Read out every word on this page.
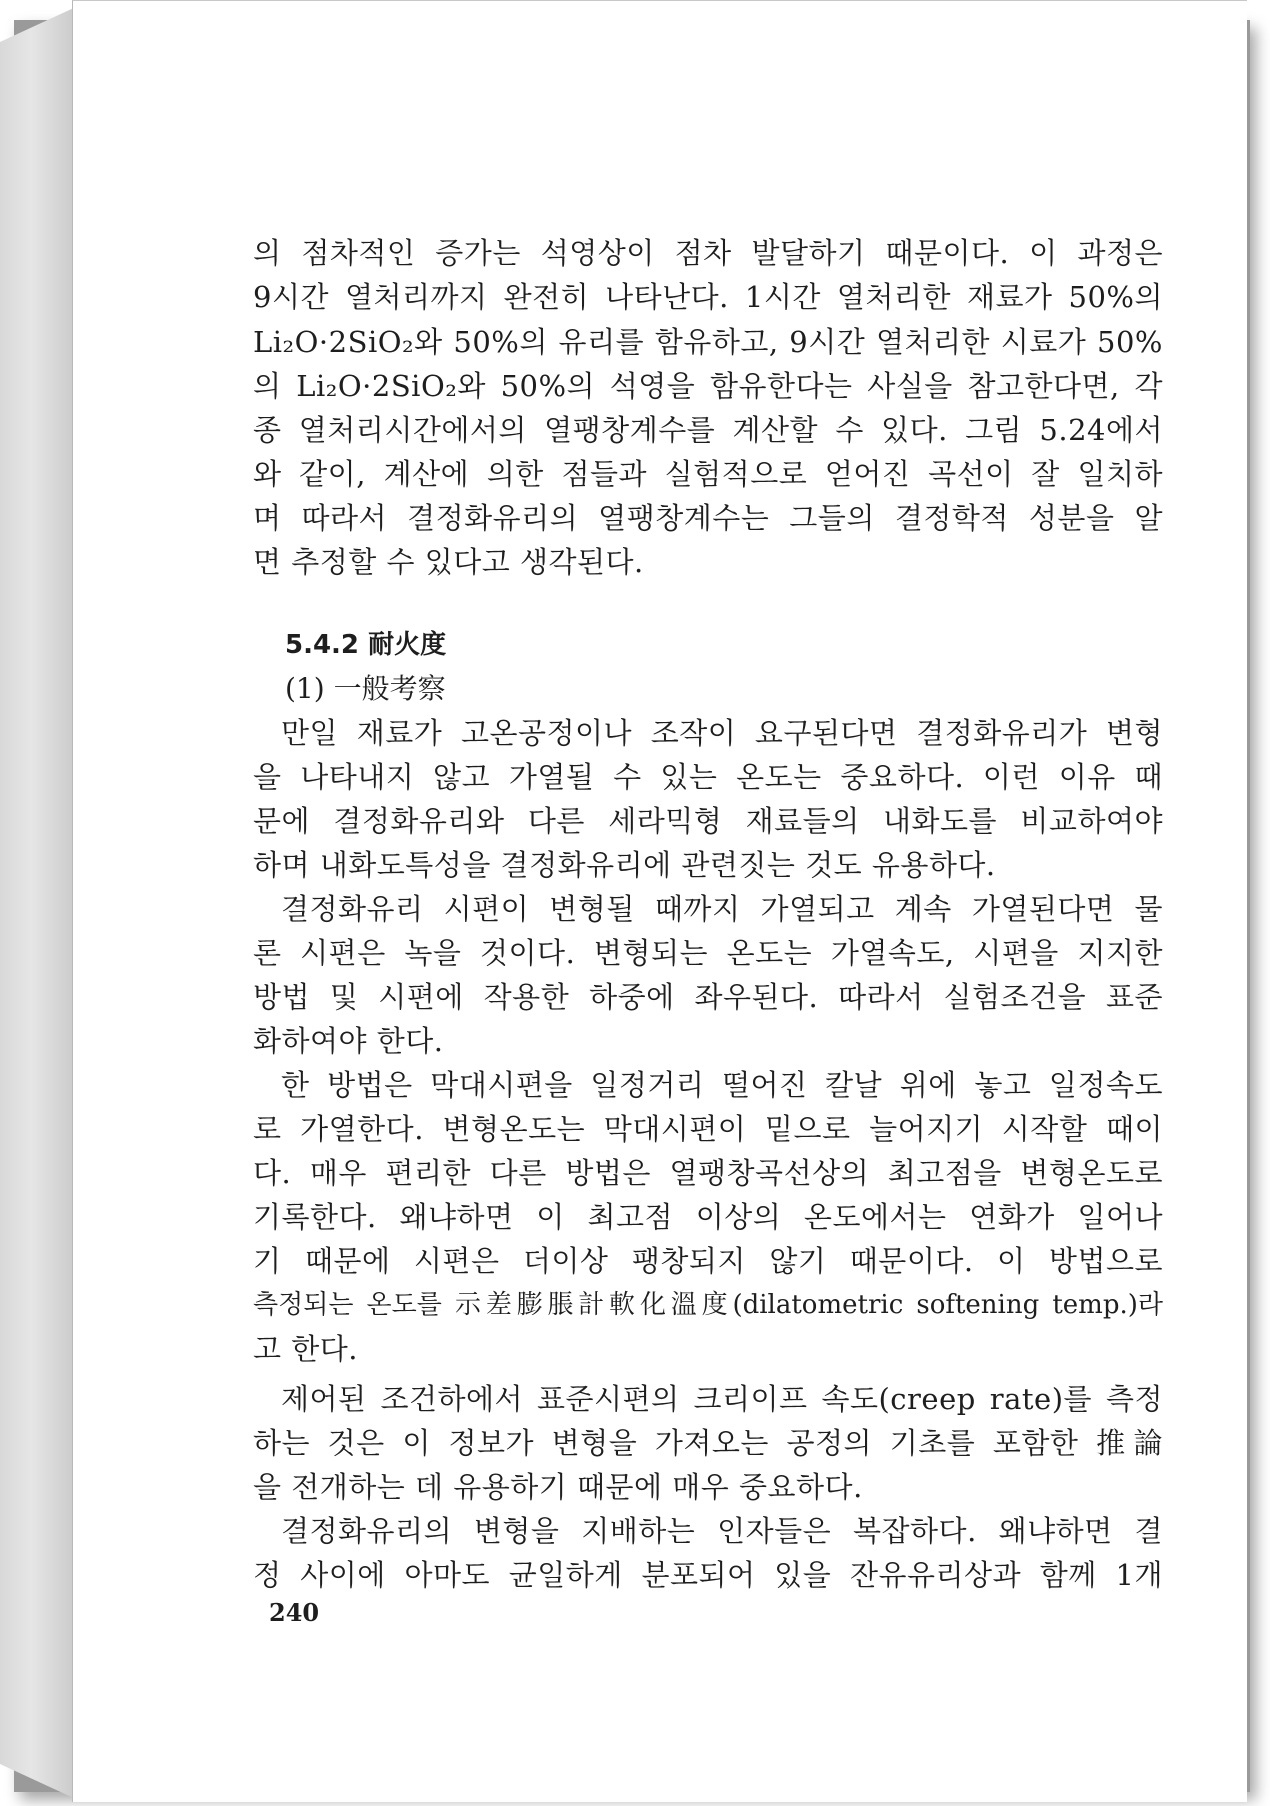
의 점차적인 증가는 석영상이 점차 발달하기 때문이다. 이 과정은
9시간 열처리까지 완전히 나타난다. 1시간 열처리한 재료가 50%의
Li₂O·2SiO₂와 50%의 유리를 함유하고, 9시간 열처리한 시료가 50%
의 Li₂O·2SiO₂와 50%의 석영을 함유한다는 사실을 참고한다면, 각
종 열처리시간에서의 열팽창계수를 계산할 수 있다. 그림 5.24에서
와 같이, 계산에 의한 점들과 실험적으로 얻어진 곡선이 잘 일치하
며 따라서 결정화유리의 열팽창계수는 그들의 결정학적 성분을 알
면 추정할 수 있다고 생각된다.
5.4.2 耐火度
(1) 一般考察
만일 재료가 고온공정이나 조작이 요구된다면 결정화유리가 변형
을 나타내지 않고 가열될 수 있는 온도는 중요하다. 이런 이유 때
문에 결정화유리와 다른 세라믹형 재료들의 내화도를 비교하여야
하며 내화도특성을 결정화유리에 관련짓는 것도 유용하다.
결정화유리 시편이 변형될 때까지 가열되고 계속 가열된다면 물
론 시편은 녹을 것이다. 변형되는 온도는 가열속도, 시편을 지지한
방법 및 시편에 작용한 하중에 좌우된다. 따라서 실험조건을 표준
화하여야 한다.
한 방법은 막대시편을 일정거리 떨어진 칼날 위에 놓고 일정속도
로 가열한다. 변형온도는 막대시편이 밑으로 늘어지기 시작할 때이
다. 매우 편리한 다른 방법은 열팽창곡선상의 최고점을 변형온도로
기록한다. 왜냐하면 이 최고점 이상의 온도에서는 연화가 일어나
기 때문에 시편은 더이상 팽창되지 않기 때문이다. 이 방법으로
측정되는 온도를 示差膨脹計軟化溫度(dilatometric softening temp.)라
고 한다.
제어된 조건하에서 표준시편의 크리이프 속도(creep rate)를 측정
하는 것은 이 정보가 변형을 가져오는 공정의 기초를 포함한 推論
을 전개하는 데 유용하기 때문에 매우 중요하다.
결정화유리의 변형을 지배하는 인자들은 복잡하다. 왜냐하면 결
정 사이에 아마도 균일하게 분포되어 있을 잔유유리상과 함께 1개
240
